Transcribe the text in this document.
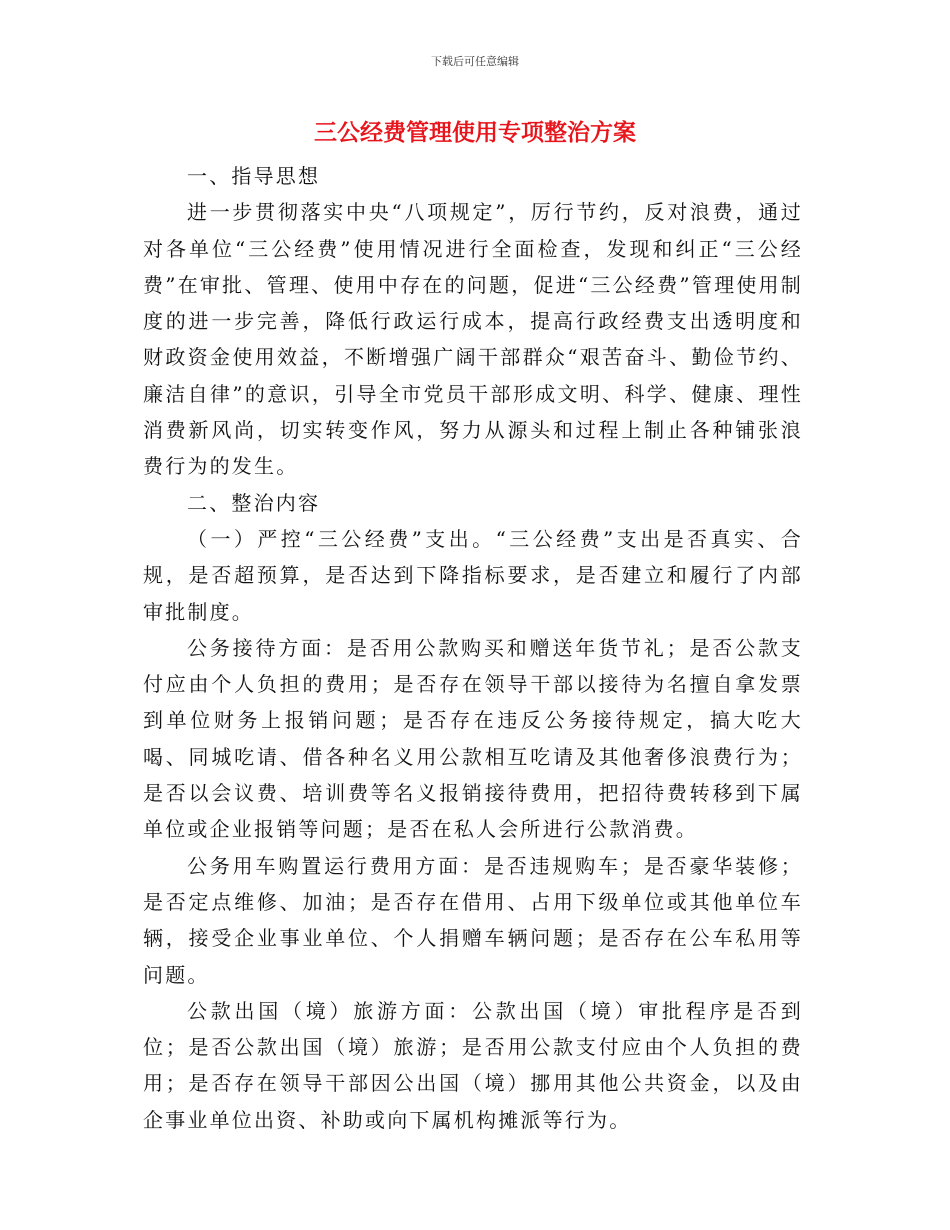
下载后可任意编辑
三公经费管理使用专项整治方案

一、指导思想

进一步贯彻落实中央“八项规定”，厉行节约，反对浪费，通过对各单位“三公经费”使用情况进行全面检查，发现和纠正“三公经费”在审批、管理、使用中存在的问题，促进“三公经费”管理使用制度的进一步完善，降低行政运行成本，提高行政经费支出透明度和财政资金使用效益，不断增强广阔干部群众“艰苦奋斗、勤俭节约、廉洁自律”的意识，引导全市党员干部形成文明、科学、健康、理性消费新风尚，切实转变作风，努力从源头和过程上制止各种铺张浪费行为的发生。

二、整治内容

（一）严控“三公经费”支出。“三公经费”支出是否真实、合规，是否超预算，是否达到下降指标要求，是否建立和履行了内部审批制度。

公务接待方面：是否用公款购买和赠送年货节礼；是否公款支付应由个人负担的费用；是否存在领导干部以接待为名擅自拿发票到单位财务上报销问题；是否存在违反公务接待规定，搞大吃大喝、同城吃请、借各种名义用公款相互吃请及其他奢侈浪费行为；是否以会议费、培训费等名义报销接待费用，把招待费转移到下属单位或企业报销等问题；是否在私人会所进行公款消费。

公务用车购置运行费用方面：是否违规购车；是否豪华装修；是否定点维修、加油；是否存在借用、占用下级单位或其他单位车辆，接受企业事业单位、个人捐赠车辆问题；是否存在公车私用等问题。

公款出国（境）旅游方面：公款出国（境）审批程序是否到位；是否公款出国（境）旅游；是否用公款支付应由个人负担的费用；是否存在领导干部因公出国（境）挪用其他公共资金，以及由企事业单位出资、补助或向下属机构摊派等行为。
